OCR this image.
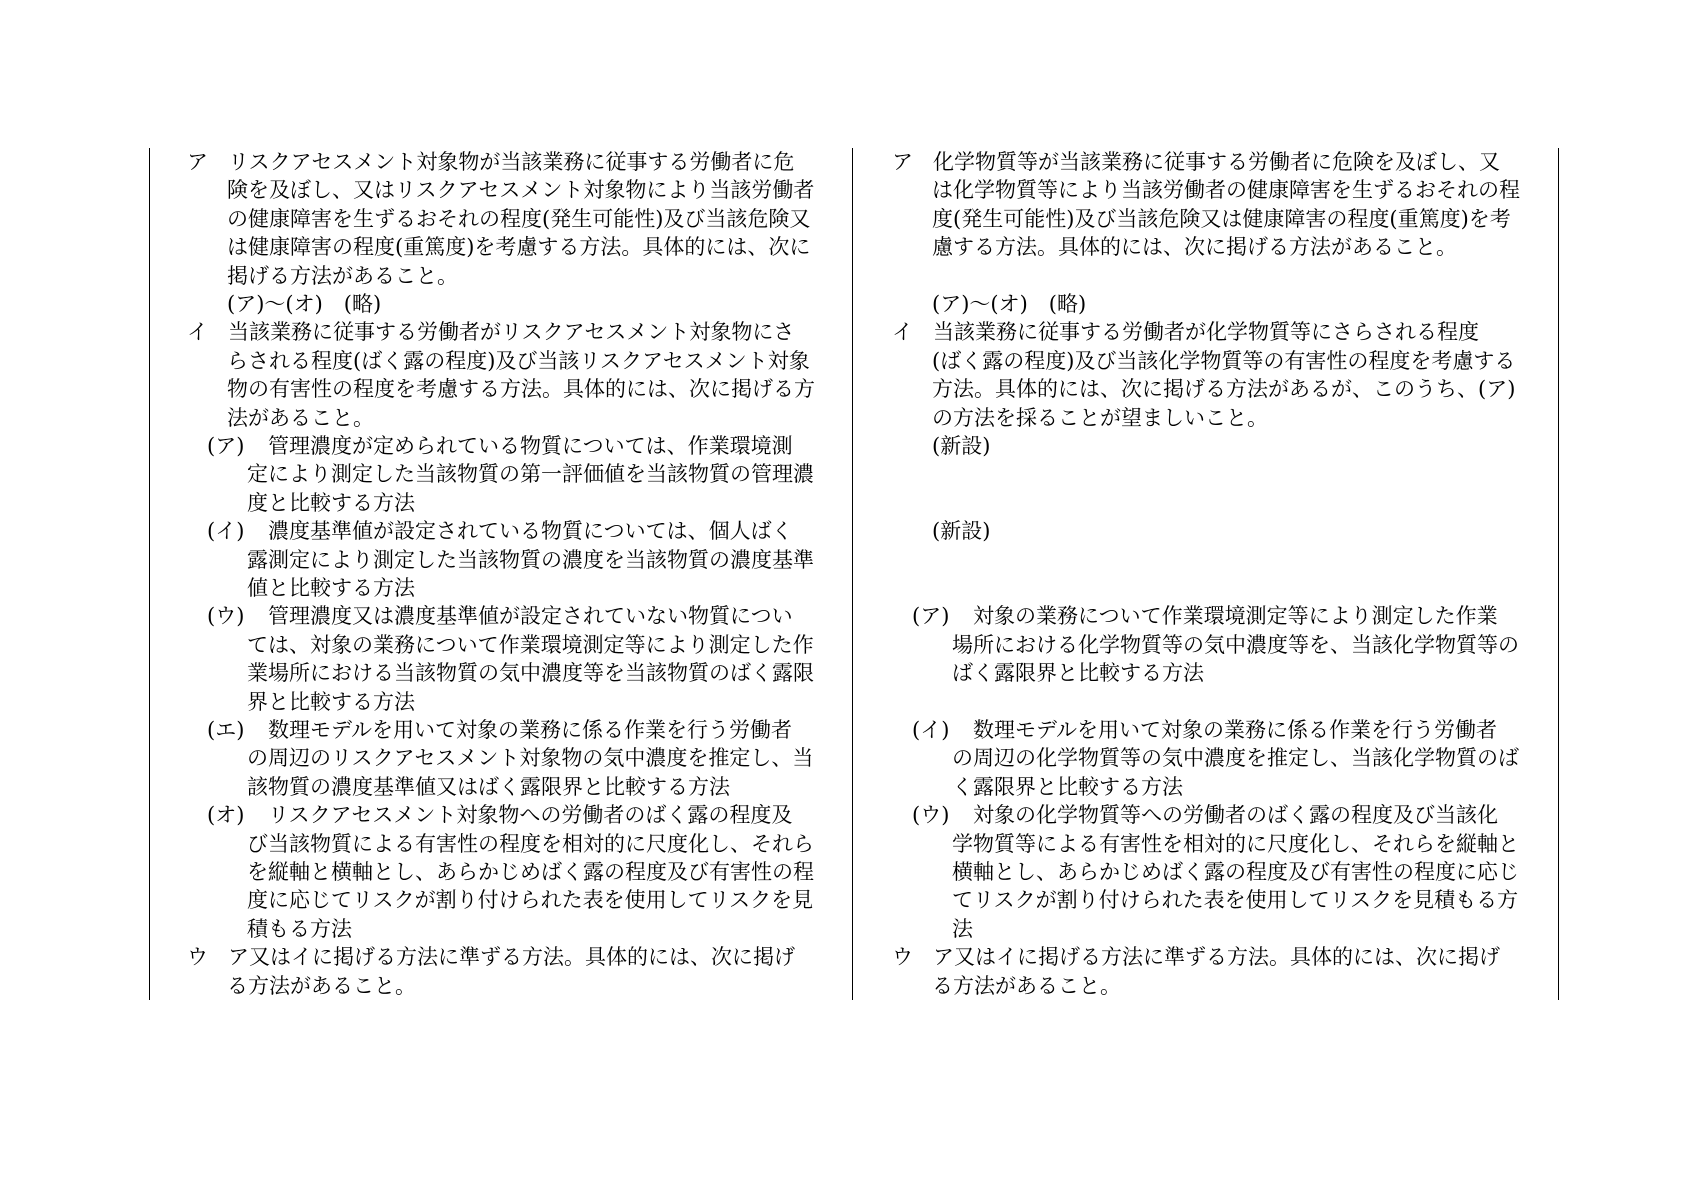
ア 　リスクアセスメント対象物が当該業務に従事する労働者に危
険を及ぼし、又はリスクアセスメント対象物により当該労働者
の健康障害を生ずるおそれの程度(発生可能性)及び当該危険又
は健康障害の程度(重篤度)を考慮する方法。具体的には、次に
掲げる方法があること。
(ア)～(オ)　(略)
イ 　当該業務に従事する労働者がリスクアセスメント対象物にさ
らされる程度(ばく露の程度)及び当該リスクアセスメント対象
物の有害性の程度を考慮する方法。具体的には、次に掲げる方
法があること。
(ア) 　管理濃度が定められている物質については、作業環境測
定により測定した当該物質の第一評価値を当該物質の管理濃
度と比較する方法
(イ) 　濃度基準値が設定されている物質については、個人ばく
露測定により測定した当該物質の濃度を当該物質の濃度基準
値と比較する方法
(ウ) 　管理濃度又は濃度基準値が設定されていない物質につい
ては、対象の業務について作業環境測定等により測定した作
業場所における当該物質の気中濃度等を当該物質のばく露限
界と比較する方法
(エ) 　数理モデルを用いて対象の業務に係る作業を行う労働者
の周辺のリスクアセスメント対象物の気中濃度を推定し、当
該物質の濃度基準値又はばく露限界と比較する方法
(オ) 　リスクアセスメント対象物への労働者のばく露の程度及
び当該物質による有害性の程度を相対的に尺度化し、それら
を縦軸と横軸とし、あらかじめばく露の程度及び有害性の程
度に応じてリスクが割り付けられた表を使用してリスクを見
積もる方法
ウ 　ア又はイに掲げる方法に準ずる方法。具体的には、次に掲げ
る方法があること。
ア 　化学物質等が当該業務に従事する労働者に危険を及ぼし、又
は化学物質等により当該労働者の健康障害を生ずるおそれの程
度(発生可能性)及び当該危険又は健康障害の程度(重篤度)を考
慮する方法。具体的には、次に掲げる方法があること。
(ア)～(オ)　(略)
イ 　当該業務に従事する労働者が化学物質等にさらされる程度
(ばく露の程度)及び当該化学物質等の有害性の程度を考慮する
方法。具体的には、次に掲げる方法があるが、このうち、(ア)
の方法を採ることが望ましいこと。
(新設)
(新設)
(ア) 　対象の業務について作業環境測定等により測定した作業
場所における化学物質等の気中濃度等を、当該化学物質等の
ばく露限界と比較する方法
(イ) 　数理モデルを用いて対象の業務に係る作業を行う労働者
の周辺の化学物質等の気中濃度を推定し、当該化学物質のば
く露限界と比較する方法
(ウ) 　対象の化学物質等への労働者のばく露の程度及び当該化
学物質等による有害性を相対的に尺度化し、それらを縦軸と
横軸とし、あらかじめばく露の程度及び有害性の程度に応じ
てリスクが割り付けられた表を使用してリスクを見積もる方
法
ウ 　ア又はイに掲げる方法に準ずる方法。具体的には、次に掲げ
る方法があること。
